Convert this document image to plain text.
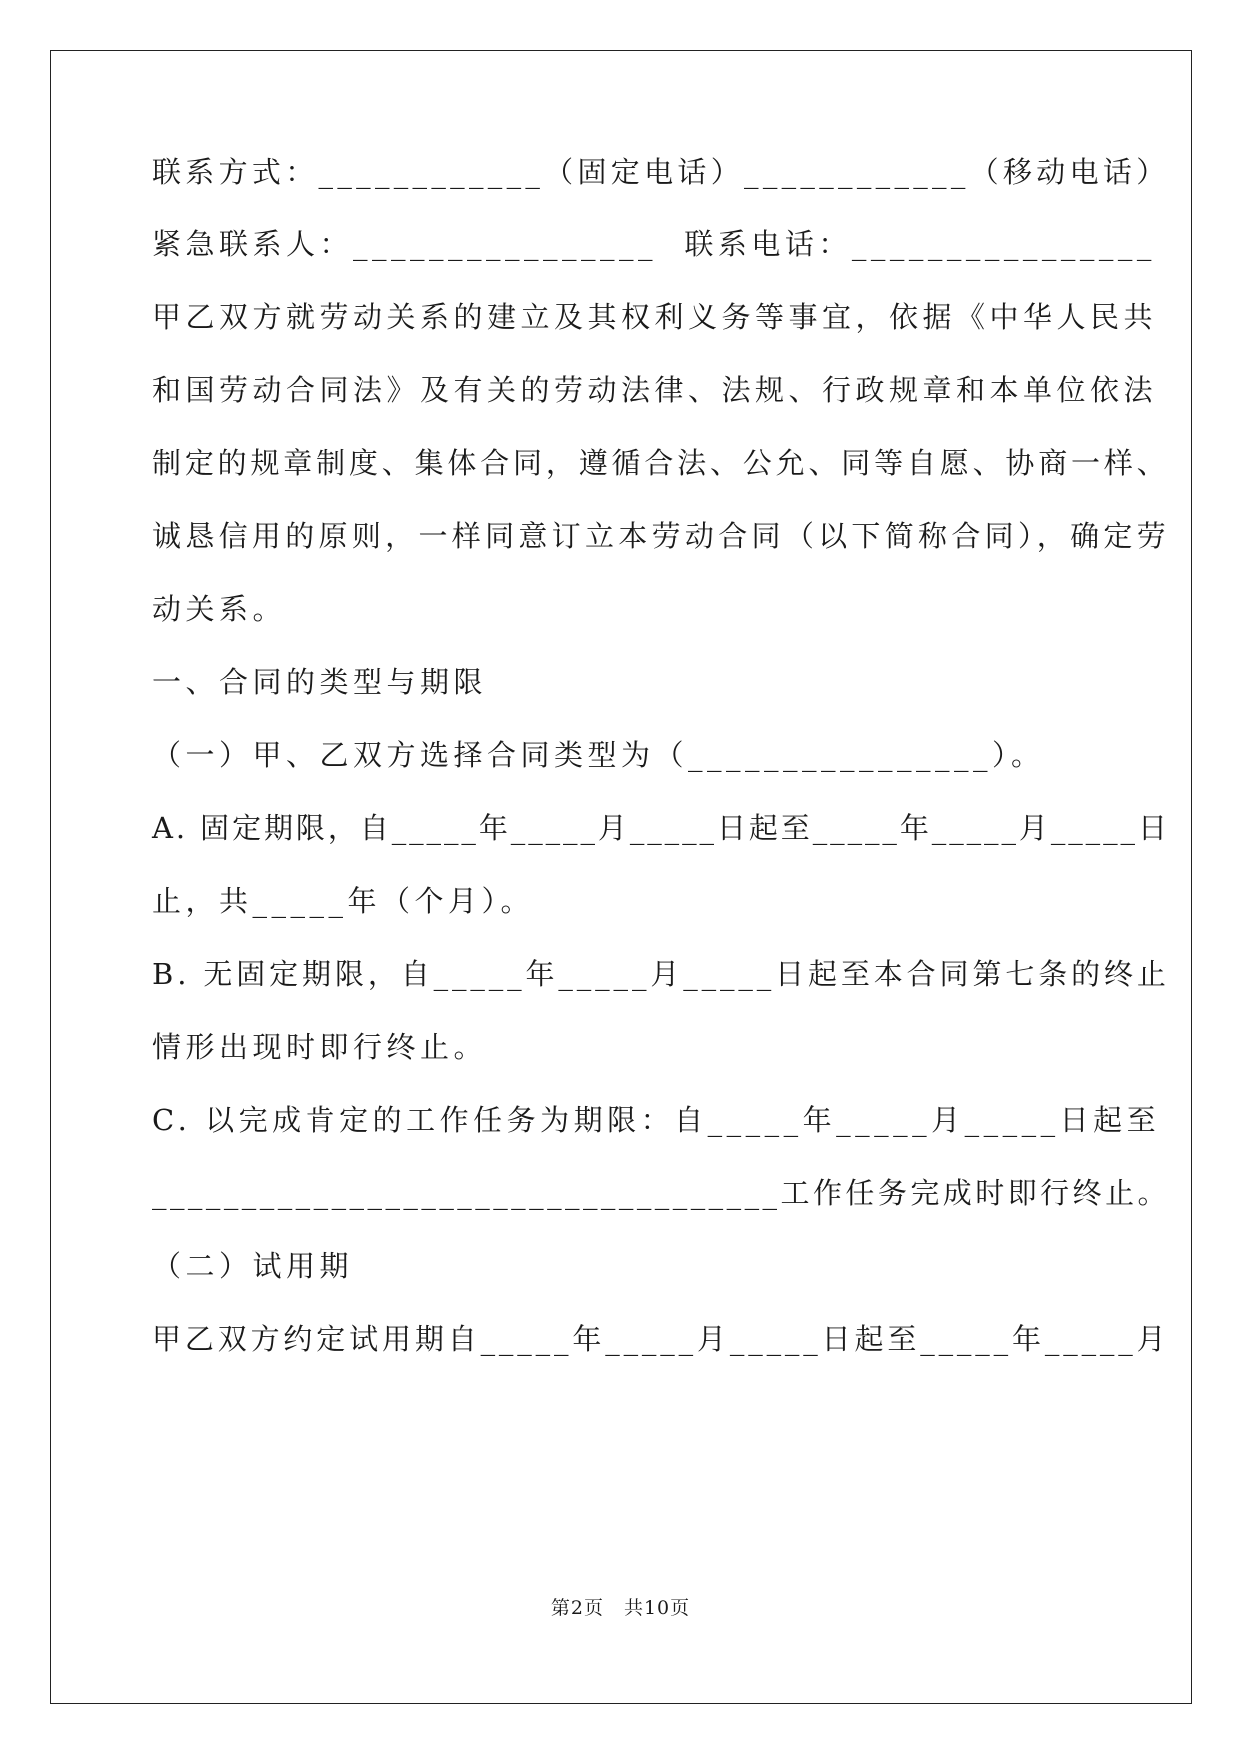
联系方式：____________（固定电话）____________（移动电话）
紧急联系人：________________  联系电话：________________
甲乙双方就劳动关系的建立及其权利义务等事宜，依据《中华人民共
和国劳动合同法》及有关的劳动法律、法规、行政规章和本单位依法
制定的规章制度、集体合同，遵循合法、公允、同等自愿、协商一样、
诚恳信用的原则，一样同意订立本劳动合同（以下简称合同），确定劳
动关系。
一、合同的类型与期限
（一）甲、乙双方选择合同类型为（________________）。
A. 固定期限，自_____年_____月_____日起至_____年_____月_____日
止，共_____年（个月）。
B. 无固定期限，自_____年_____月_____日起至本合同第七条的终止
情形出现时即行终止。
C. 以完成肯定的工作任务为期限：自_____年_____月_____日起至
___________________________________工作任务完成时即行终止。
（二）试用期
甲乙双方约定试用期自_____年_____月_____日起至_____年_____月
第2页　共10页
